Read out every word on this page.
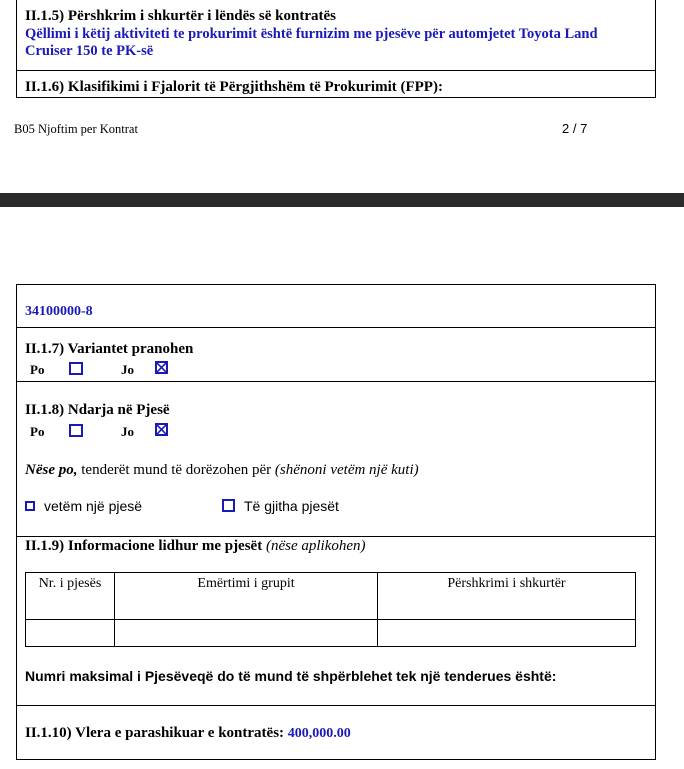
II.1.5) Përshkrim i shkurtër i lëndës së kontratës
Qëllimi i këtij aktiviteti te prokurimit është furnizim me pjesëve për automjetet Toyota Land
Cruiser 150 te PK-së
II.1.6) Klasifikimi i Fjalorit të Përgjithshëm të Prokurimit (FPP):
B05 Njoftim per Kontrat	2 / 7
34100000-8
II.1.7) Variantet pranohen
Po	Jo
II.1.8) Ndarja në Pjesë
Po	Jo
Nëse po, tenderët mund të dorëzohen për (shënoni vetëm një kuti)
vetëm një pjesë	Të gjitha pjesët
II.1.9) Informacione lidhur me pjesët (nëse aplikohen)
Nr. i pjesës	Emërtimi i grupit	Përshkrimi i shkurtër

Numri maksimal i Pjesëveqë do të mund të shpërblehet tek një tenderues është:
II.1.10) Vlera e parashikuar e kontratës: 400,000.00
